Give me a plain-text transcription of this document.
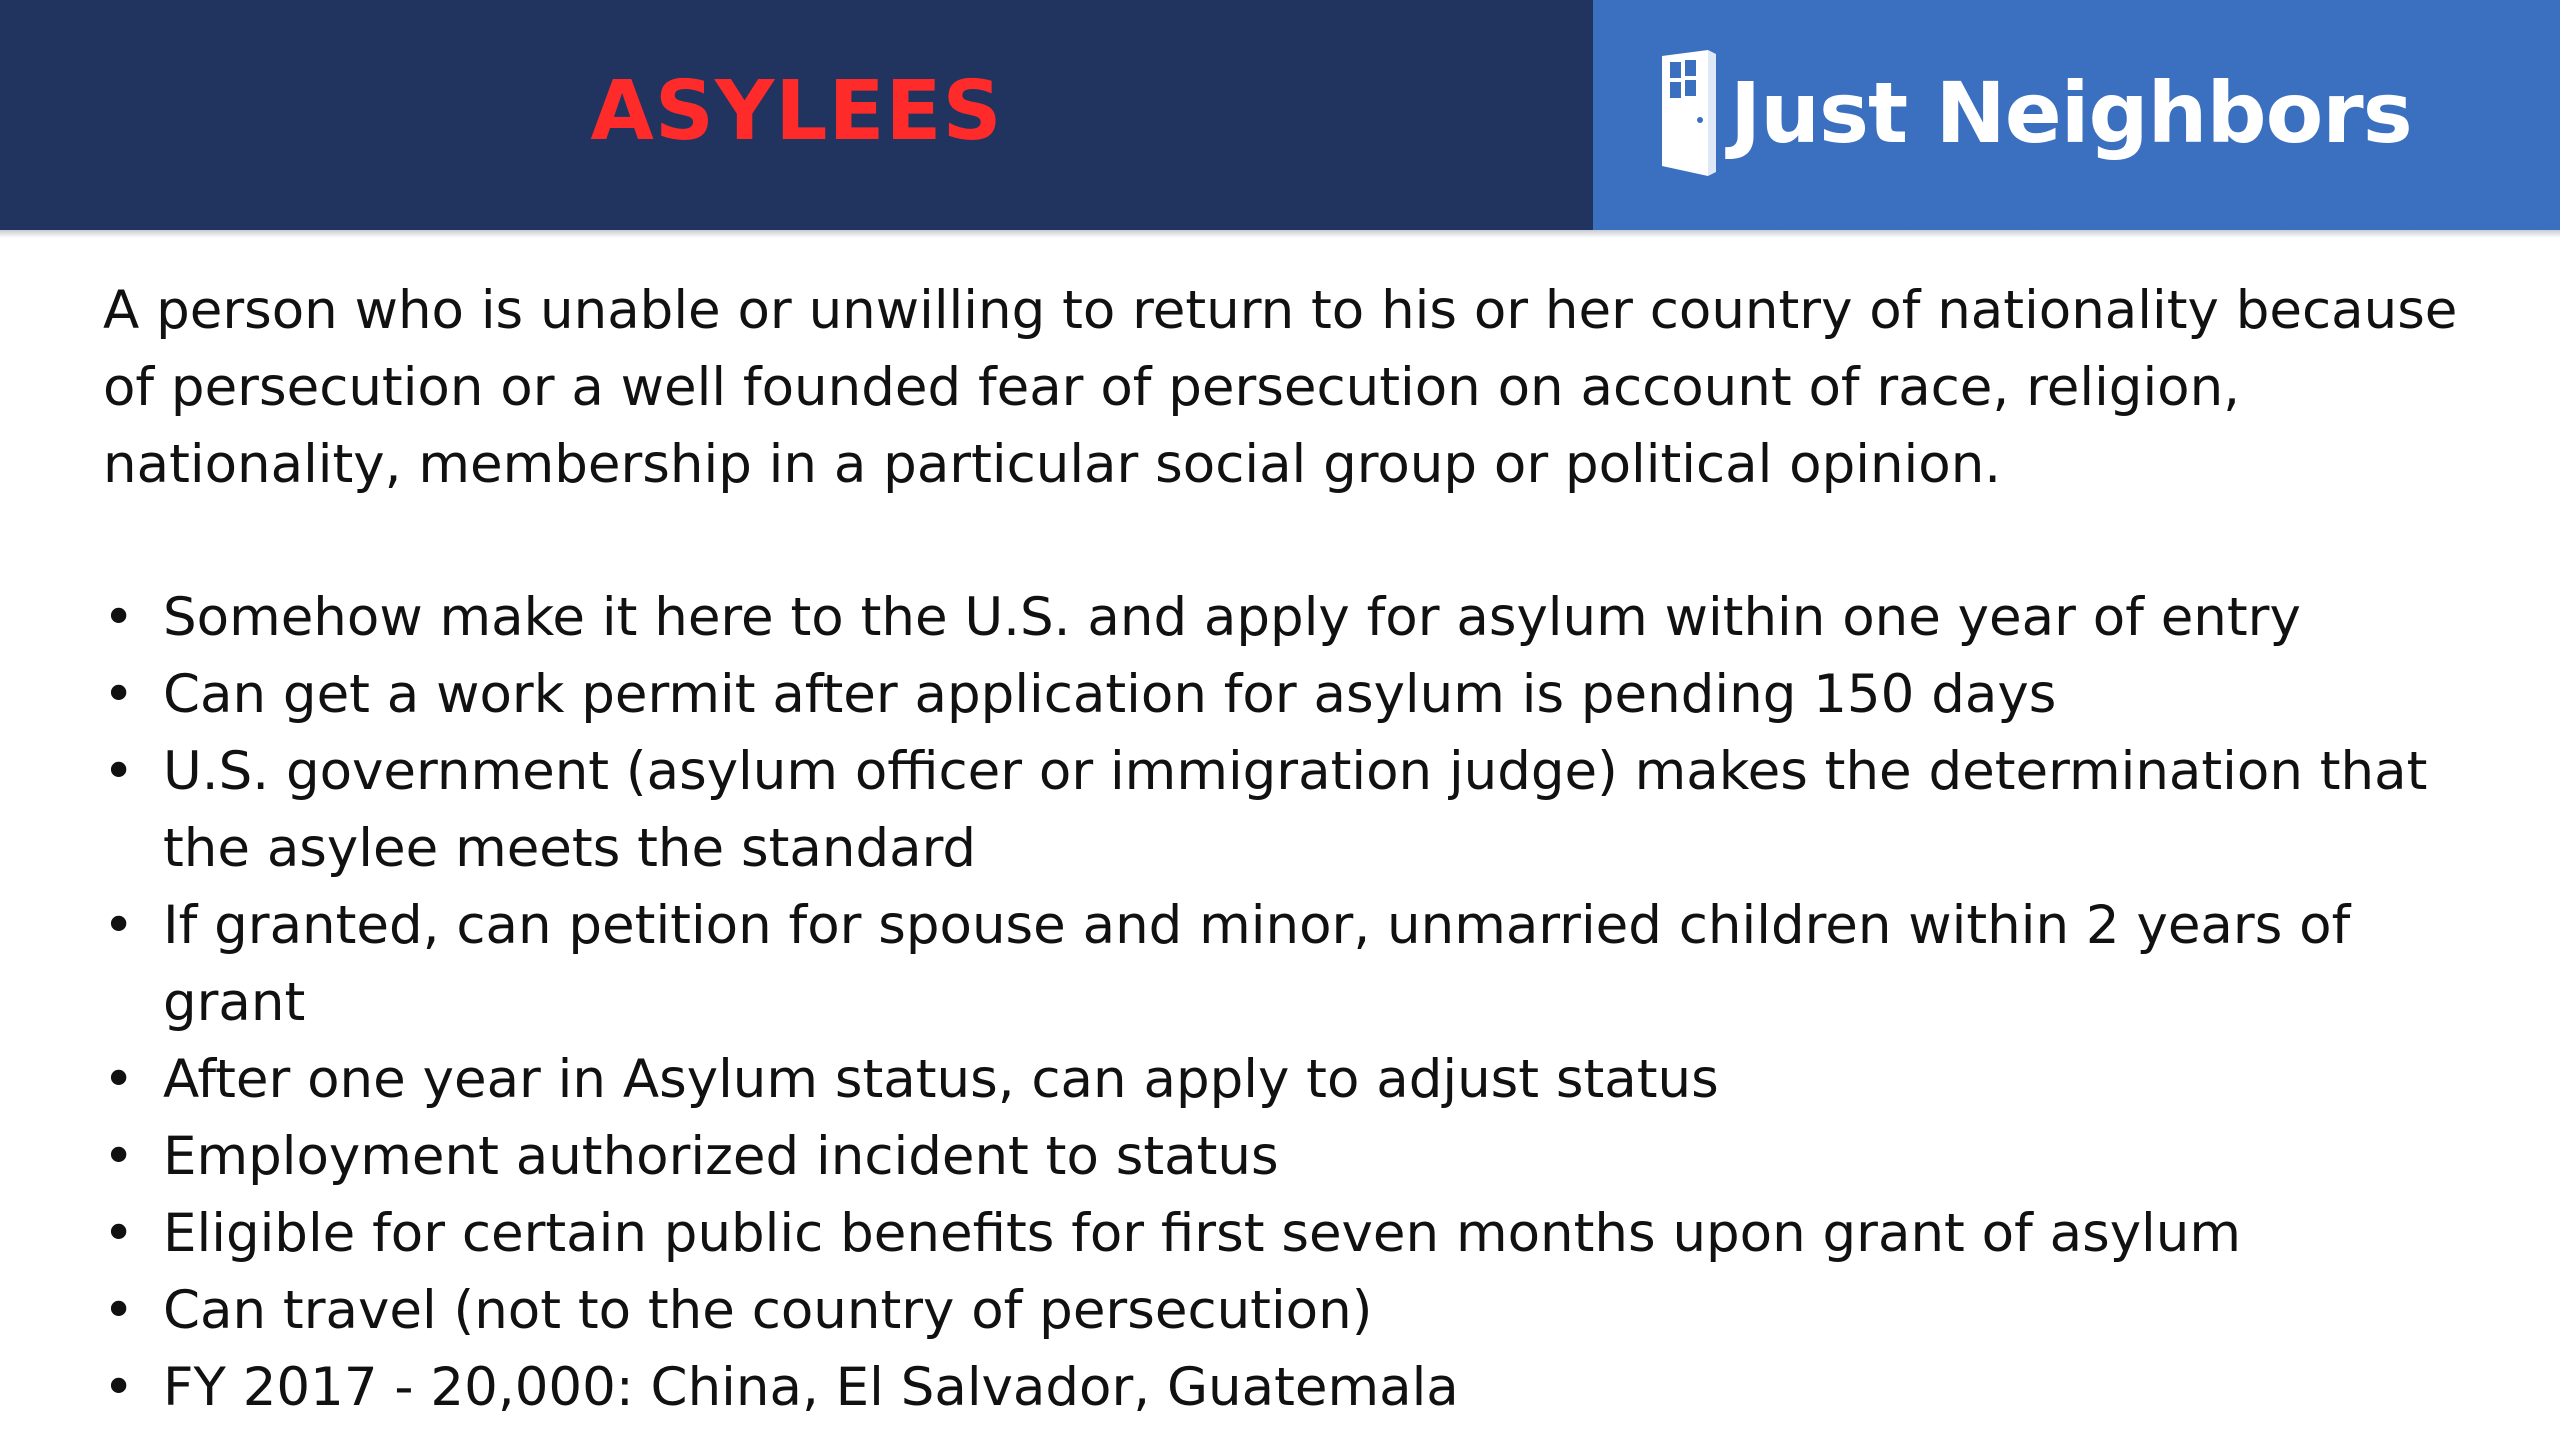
ASYLEES	Just Neighbors

A person who is unable or unwilling to return to his or her country of nationality because of persecution or a well founded fear of persecution on account of race, religion, nationality, membership in a particular social group or political opinion.

• Somehow make it here to the U.S. and apply for asylum within one year of entry
• Can get a work permit after application for asylum is pending 150 days
• U.S. government (asylum officer or immigration judge) makes the determination that the asylee meets the standard
• If granted, can petition for spouse and minor, unmarried children within 2 years of grant
• After one year in Asylum status, can apply to adjust status
• Employment authorized incident to status
• Eligible for certain public benefits for first seven months upon grant of asylum
• Can travel (not to the country of persecution)
• FY 2017 - 20,000: China, El Salvador, Guatemala
